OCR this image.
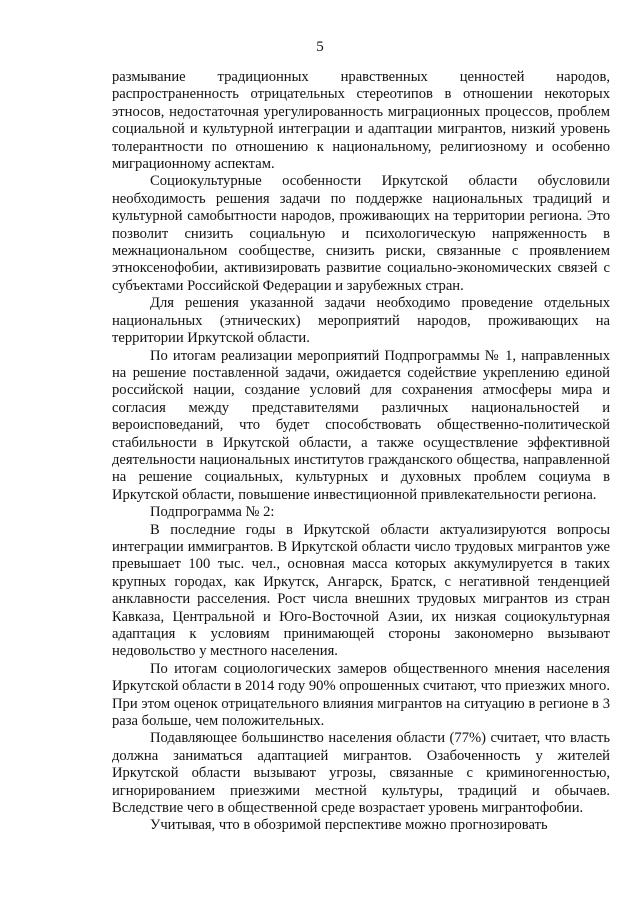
5

размывание традиционных нравственных ценностей народов, распространенность отрицательных стереотипов в отношении некоторых этносов, недостаточная урегулированность миграционных процессов, проблем социальной и культурной интеграции и адаптации мигрантов, низкий уровень толерантности по отношению к национальному, религиозному и особенно миграционному аспектам.

Социокультурные особенности Иркутской области обусловили необходимость решения задачи по поддержке национальных традиций и культурной самобытности народов, проживающих на территории региона. Это позволит снизить социальную и психологическую напряженность в межнациональном сообществе, снизить риски, связанные с проявлением этноксенофобии, активизировать развитие социально-экономических связей с субъектами Российской Федерации и зарубежных стран.

Для решения указанной задачи необходимо проведение отдельных национальных (этнических) мероприятий народов, проживающих на территории Иркутской области.

По итогам реализации мероприятий Подпрограммы № 1, направленных на решение поставленной задачи, ожидается содействие укреплению единой российской нации, создание условий для сохранения атмосферы мира и согласия между представителями различных национальностей и вероисповеданий, что будет способствовать общественно-политической стабильности в Иркутской области, а также осуществление эффективной деятельности национальных институтов гражданского общества, направленной на решение социальных, культурных и духовных проблем социума в Иркутской области, повышение инвестиционной привлекательности региона.

Подпрограмма № 2:

В последние годы в Иркутской области актуализируются вопросы интеграции иммигрантов. В Иркутской области число трудовых мигрантов уже превышает 100 тыс. чел., основная масса которых аккумулируется в таких крупных городах, как Иркутск, Ангарск, Братск, с негативной тенденцией анклавности расселения. Рост числа внешних трудовых мигрантов из стран Кавказа, Центральной и Юго-Восточной Азии, их низкая социокультурная адаптация к условиям принимающей стороны закономерно вызывают недовольство у местного населения.

По итогам социологических замеров общественного мнения населения Иркутской области в 2014 году 90% опрошенных считают, что приезжих много. При этом оценок отрицательного влияния мигрантов на ситуацию в регионе в 3 раза больше, чем положительных.

Подавляющее большинство населения области (77%) считает, что власть должна заниматься адаптацией мигрантов. Озабоченность у жителей Иркутской области вызывают угрозы, связанные с криминогенностью, игнорированием приезжими местной культуры, традиций и обычаев. Вследствие чего в общественной среде возрастает уровень мигрантофобии.

Учитывая, что в обозримой перспективе можно прогнозировать
